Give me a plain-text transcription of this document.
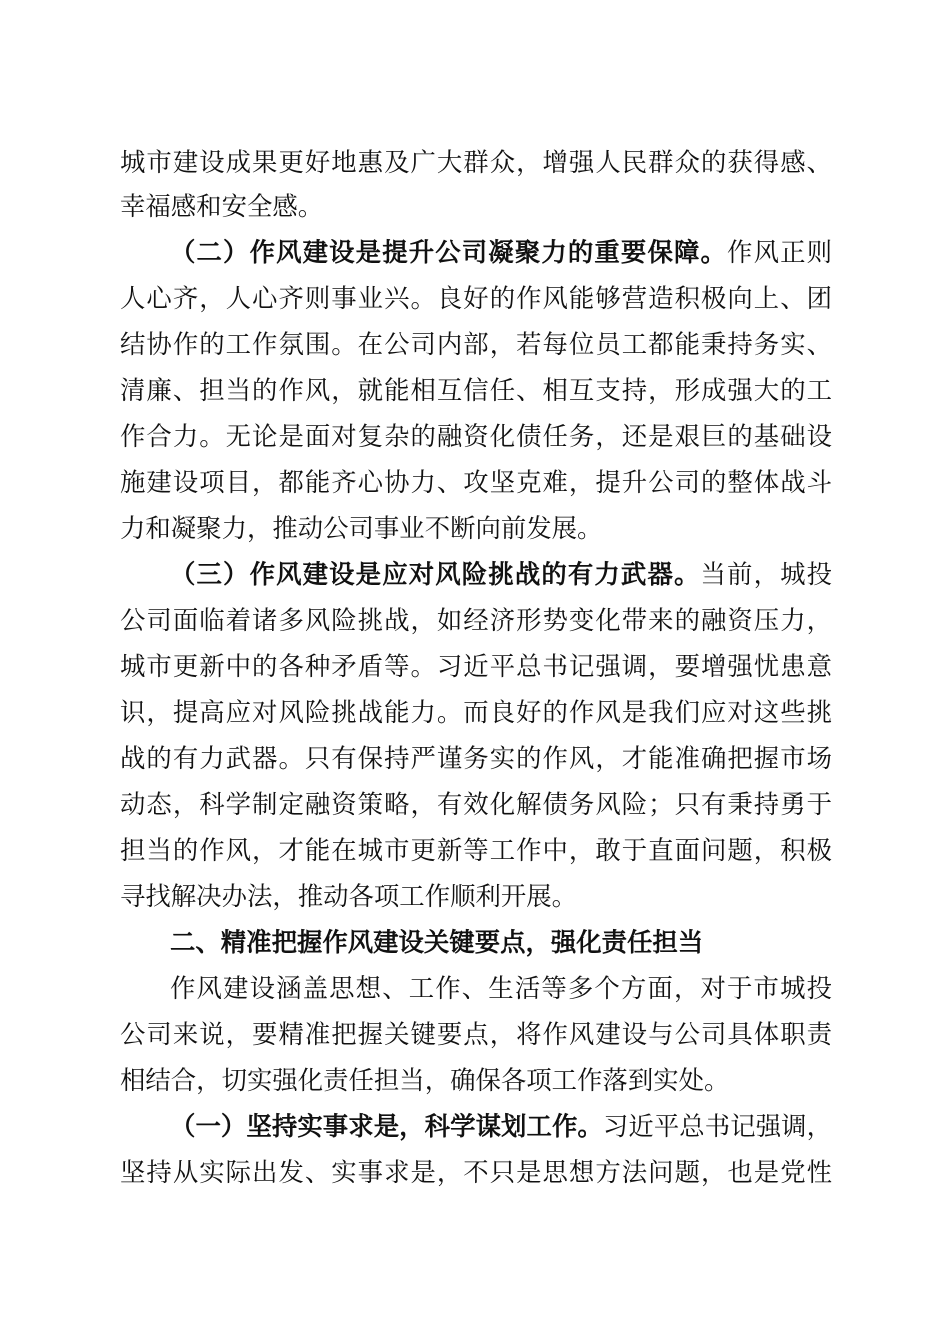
城市建设成果更好地惠及广大群众，增强人民群众的获得感、
幸福感和安全感。
（二）作风建设是提升公司凝聚力的重要保障。作风正则
人心齐，人心齐则事业兴。良好的作风能够营造积极向上、团
结协作的工作氛围。在公司内部，若每位员工都能秉持务实、
清廉、担当的作风，就能相互信任、相互支持，形成强大的工
作合力。无论是面对复杂的融资化债任务，还是艰巨的基础设
施建设项目，都能齐心协力、攻坚克难，提升公司的整体战斗
力和凝聚力，推动公司事业不断向前发展。
（三）作风建设是应对风险挑战的有力武器。当前，城投
公司面临着诸多风险挑战，如经济形势变化带来的融资压力，
城市更新中的各种矛盾等。习近平总书记强调，要增强忧患意
识，提高应对风险挑战能力。而良好的作风是我们应对这些挑
战的有力武器。只有保持严谨务实的作风，才能准确把握市场
动态，科学制定融资策略，有效化解债务风险；只有秉持勇于
担当的作风，才能在城市更新等工作中，敢于直面问题，积极
寻找解决办法，推动各项工作顺利开展。
二、精准把握作风建设关键要点，强化责任担当
作风建设涵盖思想、工作、生活等多个方面，对于市城投
公司来说，要精准把握关键要点，将作风建设与公司具体职责
相结合，切实强化责任担当，确保各项工作落到实处。
（一）坚持实事求是，科学谋划工作。习近平总书记强调，
坚持从实际出发、实事求是，不只是思想方法问题，也是党性
